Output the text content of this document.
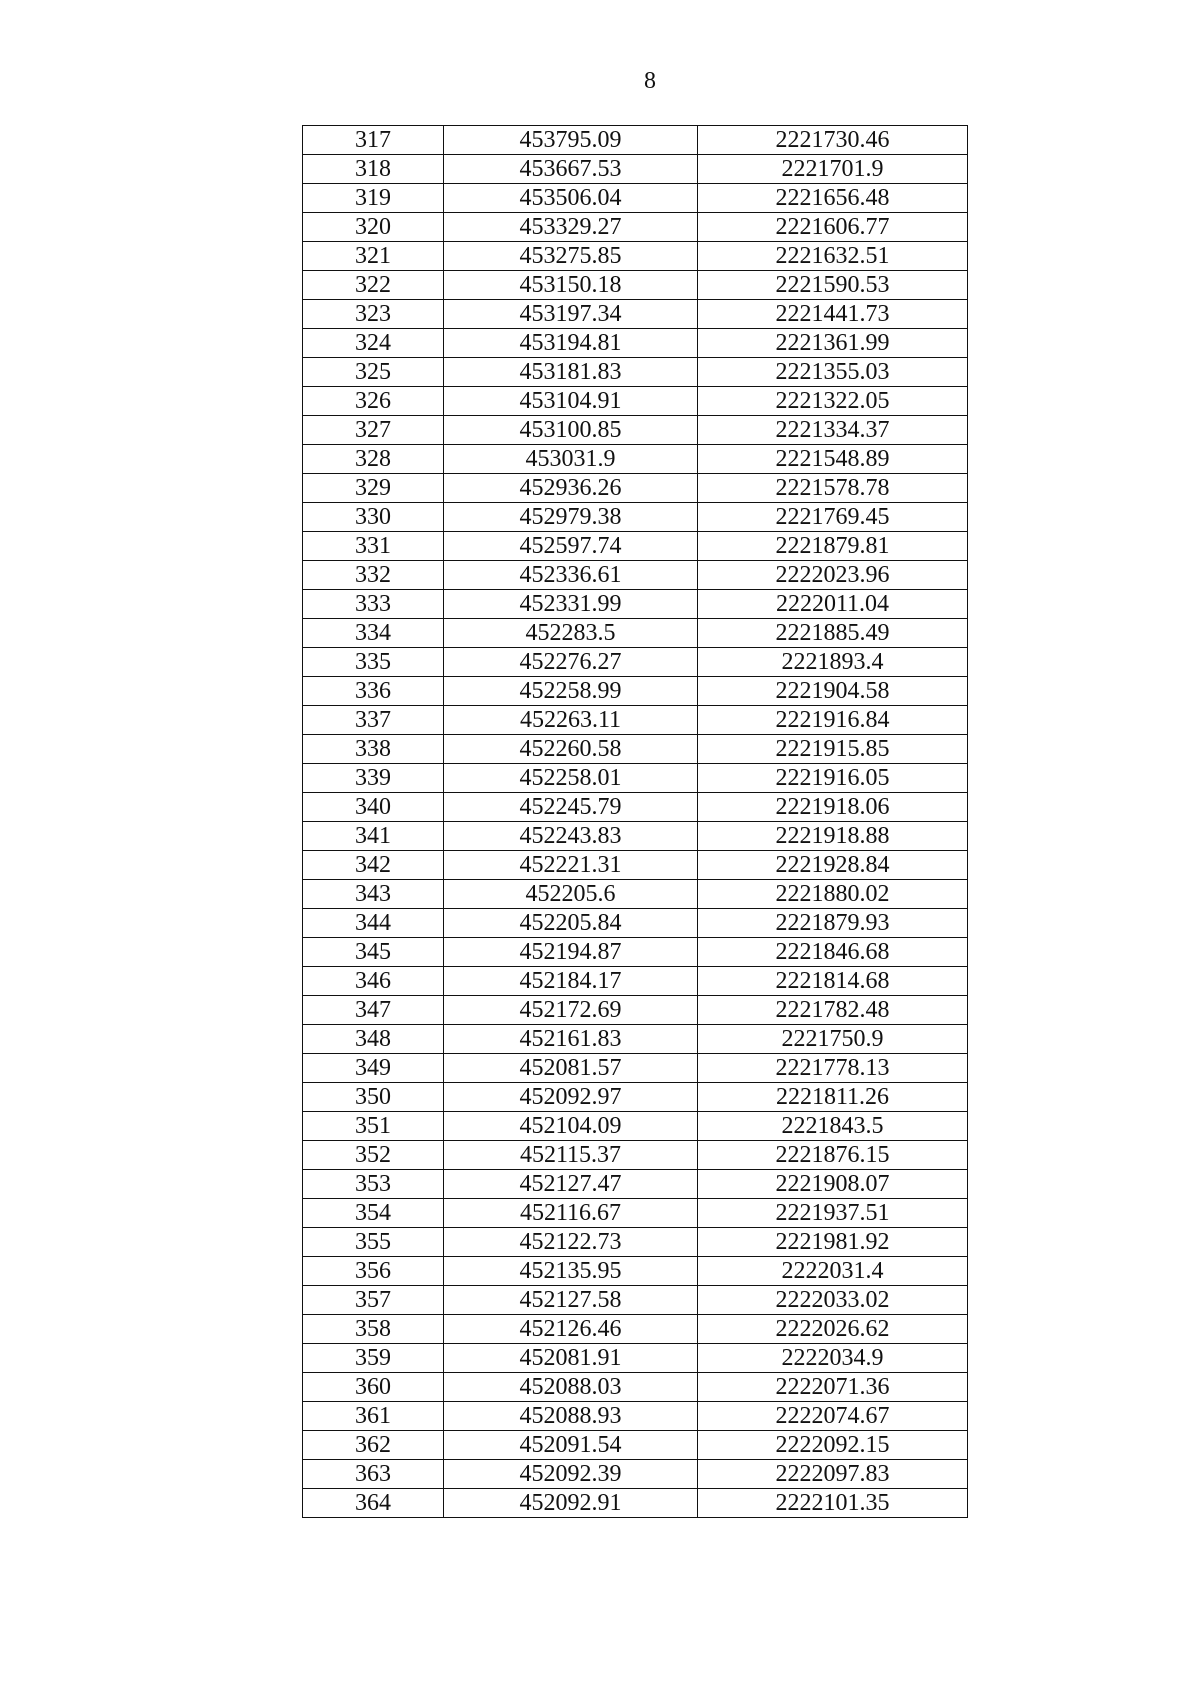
8
317	453795.09	2221730.46
318	453667.53	2221701.9
319	453506.04	2221656.48
320	453329.27	2221606.77
321	453275.85	2221632.51
322	453150.18	2221590.53
323	453197.34	2221441.73
324	453194.81	2221361.99
325	453181.83	2221355.03
326	453104.91	2221322.05
327	453100.85	2221334.37
328	453031.9	2221548.89
329	452936.26	2221578.78
330	452979.38	2221769.45
331	452597.74	2221879.81
332	452336.61	2222023.96
333	452331.99	2222011.04
334	452283.5	2221885.49
335	452276.27	2221893.4
336	452258.99	2221904.58
337	452263.11	2221916.84
338	452260.58	2221915.85
339	452258.01	2221916.05
340	452245.79	2221918.06
341	452243.83	2221918.88
342	452221.31	2221928.84
343	452205.6	2221880.02
344	452205.84	2221879.93
345	452194.87	2221846.68
346	452184.17	2221814.68
347	452172.69	2221782.48
348	452161.83	2221750.9
349	452081.57	2221778.13
350	452092.97	2221811.26
351	452104.09	2221843.5
352	452115.37	2221876.15
353	452127.47	2221908.07
354	452116.67	2221937.51
355	452122.73	2221981.92
356	452135.95	2222031.4
357	452127.58	2222033.02
358	452126.46	2222026.62
359	452081.91	2222034.9
360	452088.03	2222071.36
361	452088.93	2222074.67
362	452091.54	2222092.15
363	452092.39	2222097.83
364	452092.91	2222101.35
